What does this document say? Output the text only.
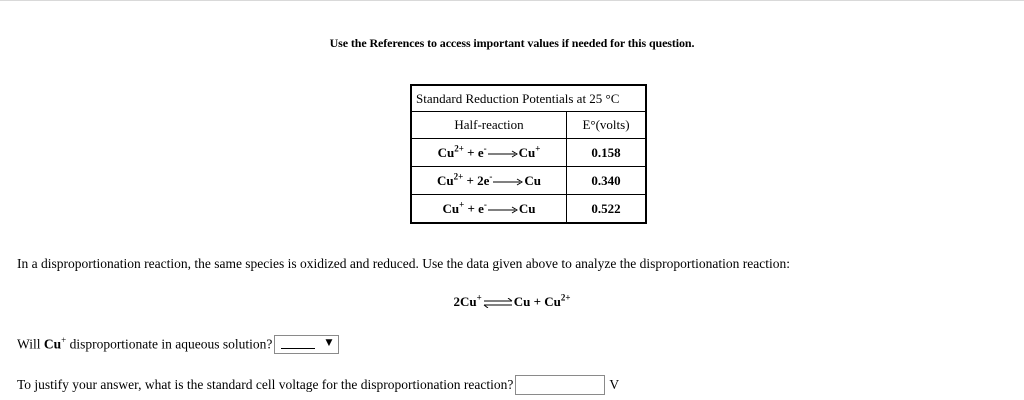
Use the References to access important values if needed for this question.
Standard Reduction Potentials at 25 °C	
Half-reaction	E°(volts)
$Cu^{2+} + e^- \to Cu^+$	0.158
$Cu^{2+} + 2e^- \to Cu$	0.340
Cu+ + e- →Cu	0.522
In a disproportionation reaction, the same species is oxidized and reduced. Use the data given above to analyze the disproportionation reaction:
2Cu+ ⇌Cu + $Cu^{2+}$
Will Cu+ disproportionate in aqueous solution?	▼
To justify your answer, what is the standard cell voltage for the disproportionation reaction?	V
